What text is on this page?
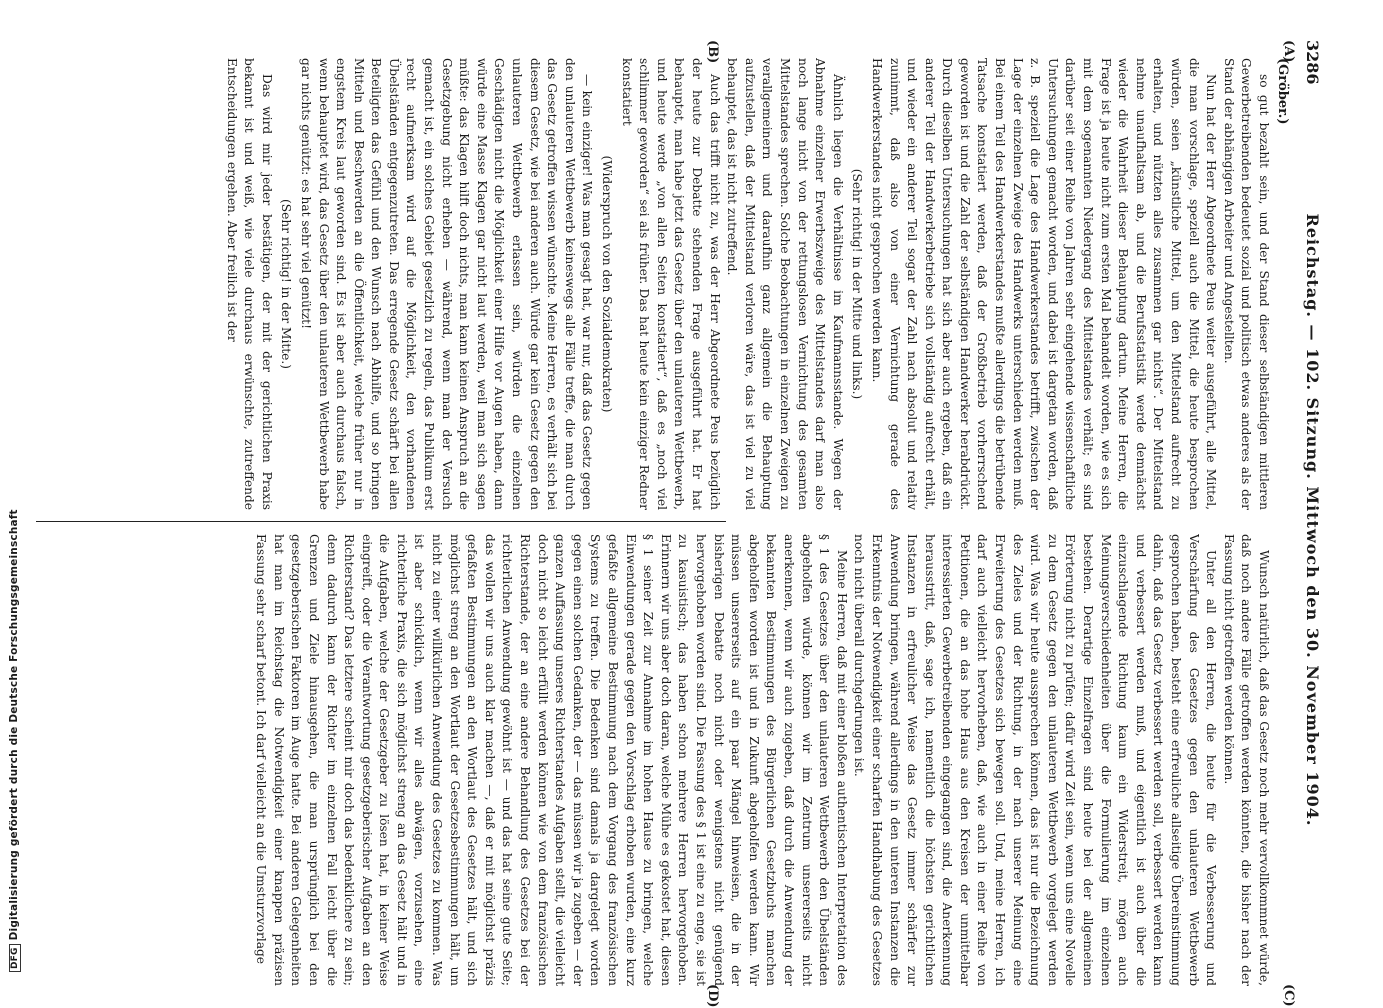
3286
Reichstag. — 102. Sitzung. Mittwoch den 30. November 1904.
(Gröber.)
(A)
(B)
(C)
(D)

so gut bezahlt sein, und der Stand dieser selbständigen mittleren Gewerbetreibenden bedeutet sozial und politisch etwas anderes als der Stand der abhängigen Arbeiter und Angestellten.

Nun hat der Herr Abgeordnete Peus weiter ausgeführt, alle Mittel, die man vorschlage, speziell auch die Mittel, die heute besprochen würden, seien „künstliche Mittel, um den Mittelstand aufrecht zu erhalten, und nützten alles zusammen gar nichts“. Der Mittelstand nehme unaufhaltsam ab, und die Berufsstatistik werde demnächst wieder die Wahrheit dieser Behauptung dartun. Meine Herren, die Frage ist ja heute nicht zum ersten Mal behandelt worden, wie es sich mit dem sogenannten Niedergang des Mittelstandes verhält; es sind darüber seit einer Reihe von Jahren sehr eingehende wissenschaftliche Untersuchungen gemacht worden, und dabei ist dargetan worden, daß z. B. speziell die Lage des Handwerkerstandes betrifft, zwischen der Lage der einzelnen Zweige des Handwerks unterschieden werden muß. Bei einem Teil des Handwerkerstandes mußte allerdings die betrübende Tatsache konstatiert werden, daß der Großbetrieb vorherrschend geworden ist und die Zahl der selbständigen Handwerker herabdrückt. Durch dieselben Untersuchungen hat sich aber auch ergeben, daß ein anderer Teil der Handwerkerbetriebe sich vollständig aufrecht erhält, und wieder ein anderer Teil sogar der Zahl nach absolut und relativ zunimmt, daß also von einer Vernichtung gerade des Handwerkerstandes nicht gesprochen werden kann.

(Sehr richtig! in der Mitte und links.)

Ähnlich liegen die Verhältnisse im Kaufmannsstande. Wegen der Abnahme einzelner Erwerbszweige des Mittelstandes darf man also noch lange nicht von der rettungslosen Vernichtung des gesamten Mittelstandes sprechen. Solche Beobachtungen in einzelnen Zweigen zu verallgemeinern und daraufhin ganz allgemein die Behauptung aufzustellen, daß der Mittelstand verloren wäre, das ist viel zu viel behauptet, das ist nicht zutreffend.

Auch das trifft nicht zu, was der Herr Abgeordnete Peus bezüglich der heute zur Debatte stehenden Frage ausgeführt hat. Er hat behauptet, man habe jetzt das Gesetz über den unlauteren Wettbewerb, und heute werde „von allen Seiten konstatiert“, daß es „noch viel schlimmer geworden“ sei als früher. Das hat heute kein einziger Redner konstatiert

(Widerspruch von den Sozialdemokraten)

— kein einziger! Was man gesagt hat, war nur, daß das Gesetz gegen den unlauteren Wettbewerb keineswegs alle Fälle treffe, die man durch das Gesetz getroffen wissen wünschte. Meine Herren, es verhält sich bei diesem Gesetz, wie bei anderen auch. Würde gar kein Gesetz gegen den unlauteren Wettbewerb erlassen sein, würden die einzelnen Geschädigten nicht die Möglichkeit einer Hilfe vor Augen haben, dann würde eine Masse Klagen gar nicht laut werden, weil man sich sagen müßte: das Klagen hilft doch nichts, man kann keinen Anspruch an die Gesetzgebung nicht erheben — während, wenn man der Versuch gemacht ist, ein solches Gebiet gesetzlich zu regeln, das Publikum erst recht aufmerksam wird auf die Möglichkeit, den vorhandenen Übelständen entgegenzutreten. Das erregende Gesetz schärft bei allen Beteiligten das Gefühl und den Wunsch nach Abhilfe, und so bringen Mitteln und Beschwerden an die Öffentlichkeit, welche früher nur in engstem Kreis laut geworden sind. Es ist aber auch durchaus falsch, wenn behauptet wird, das Gesetz über den unlauteren Wettbewerb habe gar nichts genützt: es hat sehr viel genützt!

(Sehr richtig! in der Mitte.)

Das wird mir jeder bestätigen, der mit der gerichtlichen Praxis bekannt ist und weiß, wie viele durchaus erwünschte, zutreffende Entscheidungen ergehen. Aber freilich ist der

Wunsch natürlich, daß das Gesetz noch mehr vervollkommnet würde, daß noch andere Fälle getroffen werden könnten, die bisher nach der Fassung nicht getroffen werden können.

Unter all den Herren, die heute für die Verbesserung und Verschärfung des Gesetzes gegen den unlauteren Wettbewerb gesprochen haben, besteht eine erfreuliche allseitige Übereinstimmung dahin, daß das Gesetz verbessert werden soll, verbessert werden kann und verbessert werden muß, und eigentlich ist auch über die einzuschlagende Richtung kaum ein Widerstreit, mögen auch Meinungsverschiedenheiten über die Formulierung im einzelnen bestehen. Derartige Einzelfragen sind heute bei der allgemeinen Erörterung nicht zu prüfen; dafür wird Zeit sein, wenn uns eine Novelle zu dem Gesetz gegen den unlauteren Wettbewerb vorgelegt werden wird. Was wir heute aussprechen können, das ist nur die Bezeichnung des Zieles und der Richtung, in der nach unserer Meinung eine Erweiterung des Gesetzes sich bewegen soll. Und, meine Herren, ich darf auch vielleicht hervorheben, daß, wie auch in einer Reihe von Petitionen, die an das hohe Haus aus den Kreisen der unmittelbar interessierten Gewerbetreibenden eingegangen sind, die Anerkennung herausstritt, daß, sage ich, namentlich die höchsten gerichtlichen Instanzen in erfreulicher Weise das Gesetz immer schärfer zur Anwendung bringen, während allerdings in den unteren Instanzen die Erkenntnis der Notwendigkeit einer scharfen Handhabung des Gesetzes noch nicht überall durchgedrungen ist.

Meine Herren, daß mit einer bloßen authentischen Interpretation des § 1 des Gesetzes über den unlauteren Wettbewerb den Übelständen abgeholfen würde, können wir im Zentrum unsererseits nicht anerkennen, wenn wir auch zugeben, daß durch die Anwendung der bekannten Bestimmungen des Bürgerlichen Gesetzbuchs manchen abgeholfen worden ist und in Zukunft abgeholfen werden kann. Wir müssen unsererseits auf ein paar Mängel hinweisen, die in der bisherigen Debatte noch nicht oder wenigstens nicht genügend hervorgehoben worden sind. Die Fassung des § 1 ist eine zu enge, sie ist zu kasuistisch; das haben schon mehrere Herren hervorgehoben. Erinnern wir uns aber doch daran, welche Mühe es gekostet hat, diesen § 1 seiner Zeit zur Annahme im hohen Hause zu bringen, welche Einwendungen gerade gegen den Vorschlag erhoben wurden, eine kurz gefaßte allgemeine Bestimmung nach dem Vorgang des französischen Systems zu treffen. Die Bedenken sind damals ja dargelegt worden gegen einen solchen Gedanken, der — das müssen wir ja zugeben — der ganzen Auffassung unseres Richterstandes Aufgaben stellt, die vielleicht doch nicht so leicht erfüllt werden können wie von dem französischen Richterstande, der an eine andere Behandlung des Gesetzes bei der richterlichen Anwendung gewöhnt ist — und das hat seine gute Seite; das wollen wir uns auch klar machen —, daß er mit möglichst präzis gefaßten Bestimmungen an den Wortlaut des Gesetzes hält, und sich möglichst streng an den Wortlaut der Gesetzesbestimmungen hält, um nicht zu einer willkürlichen Anwendung des Gesetzes zu kommen. Was ist aber schicklich, wenn wir alles abwägen, vorzusehen, eine richterliche Praxis, die sich möglichst streng an das Gesetz hält und in die Aufgaben, welche der Gesetzgeber zu lösen hat, in keiner Weise eingreift, oder die Verantwortung gesetzgeberischer Aufgaben an den Richterstand? Das letztere scheint mir doch das bedenklichere zu sein; denn dadurch kann der Richter im einzelnen Fall leicht über die Grenzen und Ziele hinausgehen, die man ursprünglich bei den gesetzgeberischen Faktoren im Auge hatte. Bei anderen Gelegenheiten hat man im Reichstag die Notwendigkeit einer knappen präzisen Fassung sehr scharf betont. Ich darf vielleicht an die Umsturzvorlage

DFGDigitalisierung gefördert durch die Deutsche Forschungsgemeinschaft
